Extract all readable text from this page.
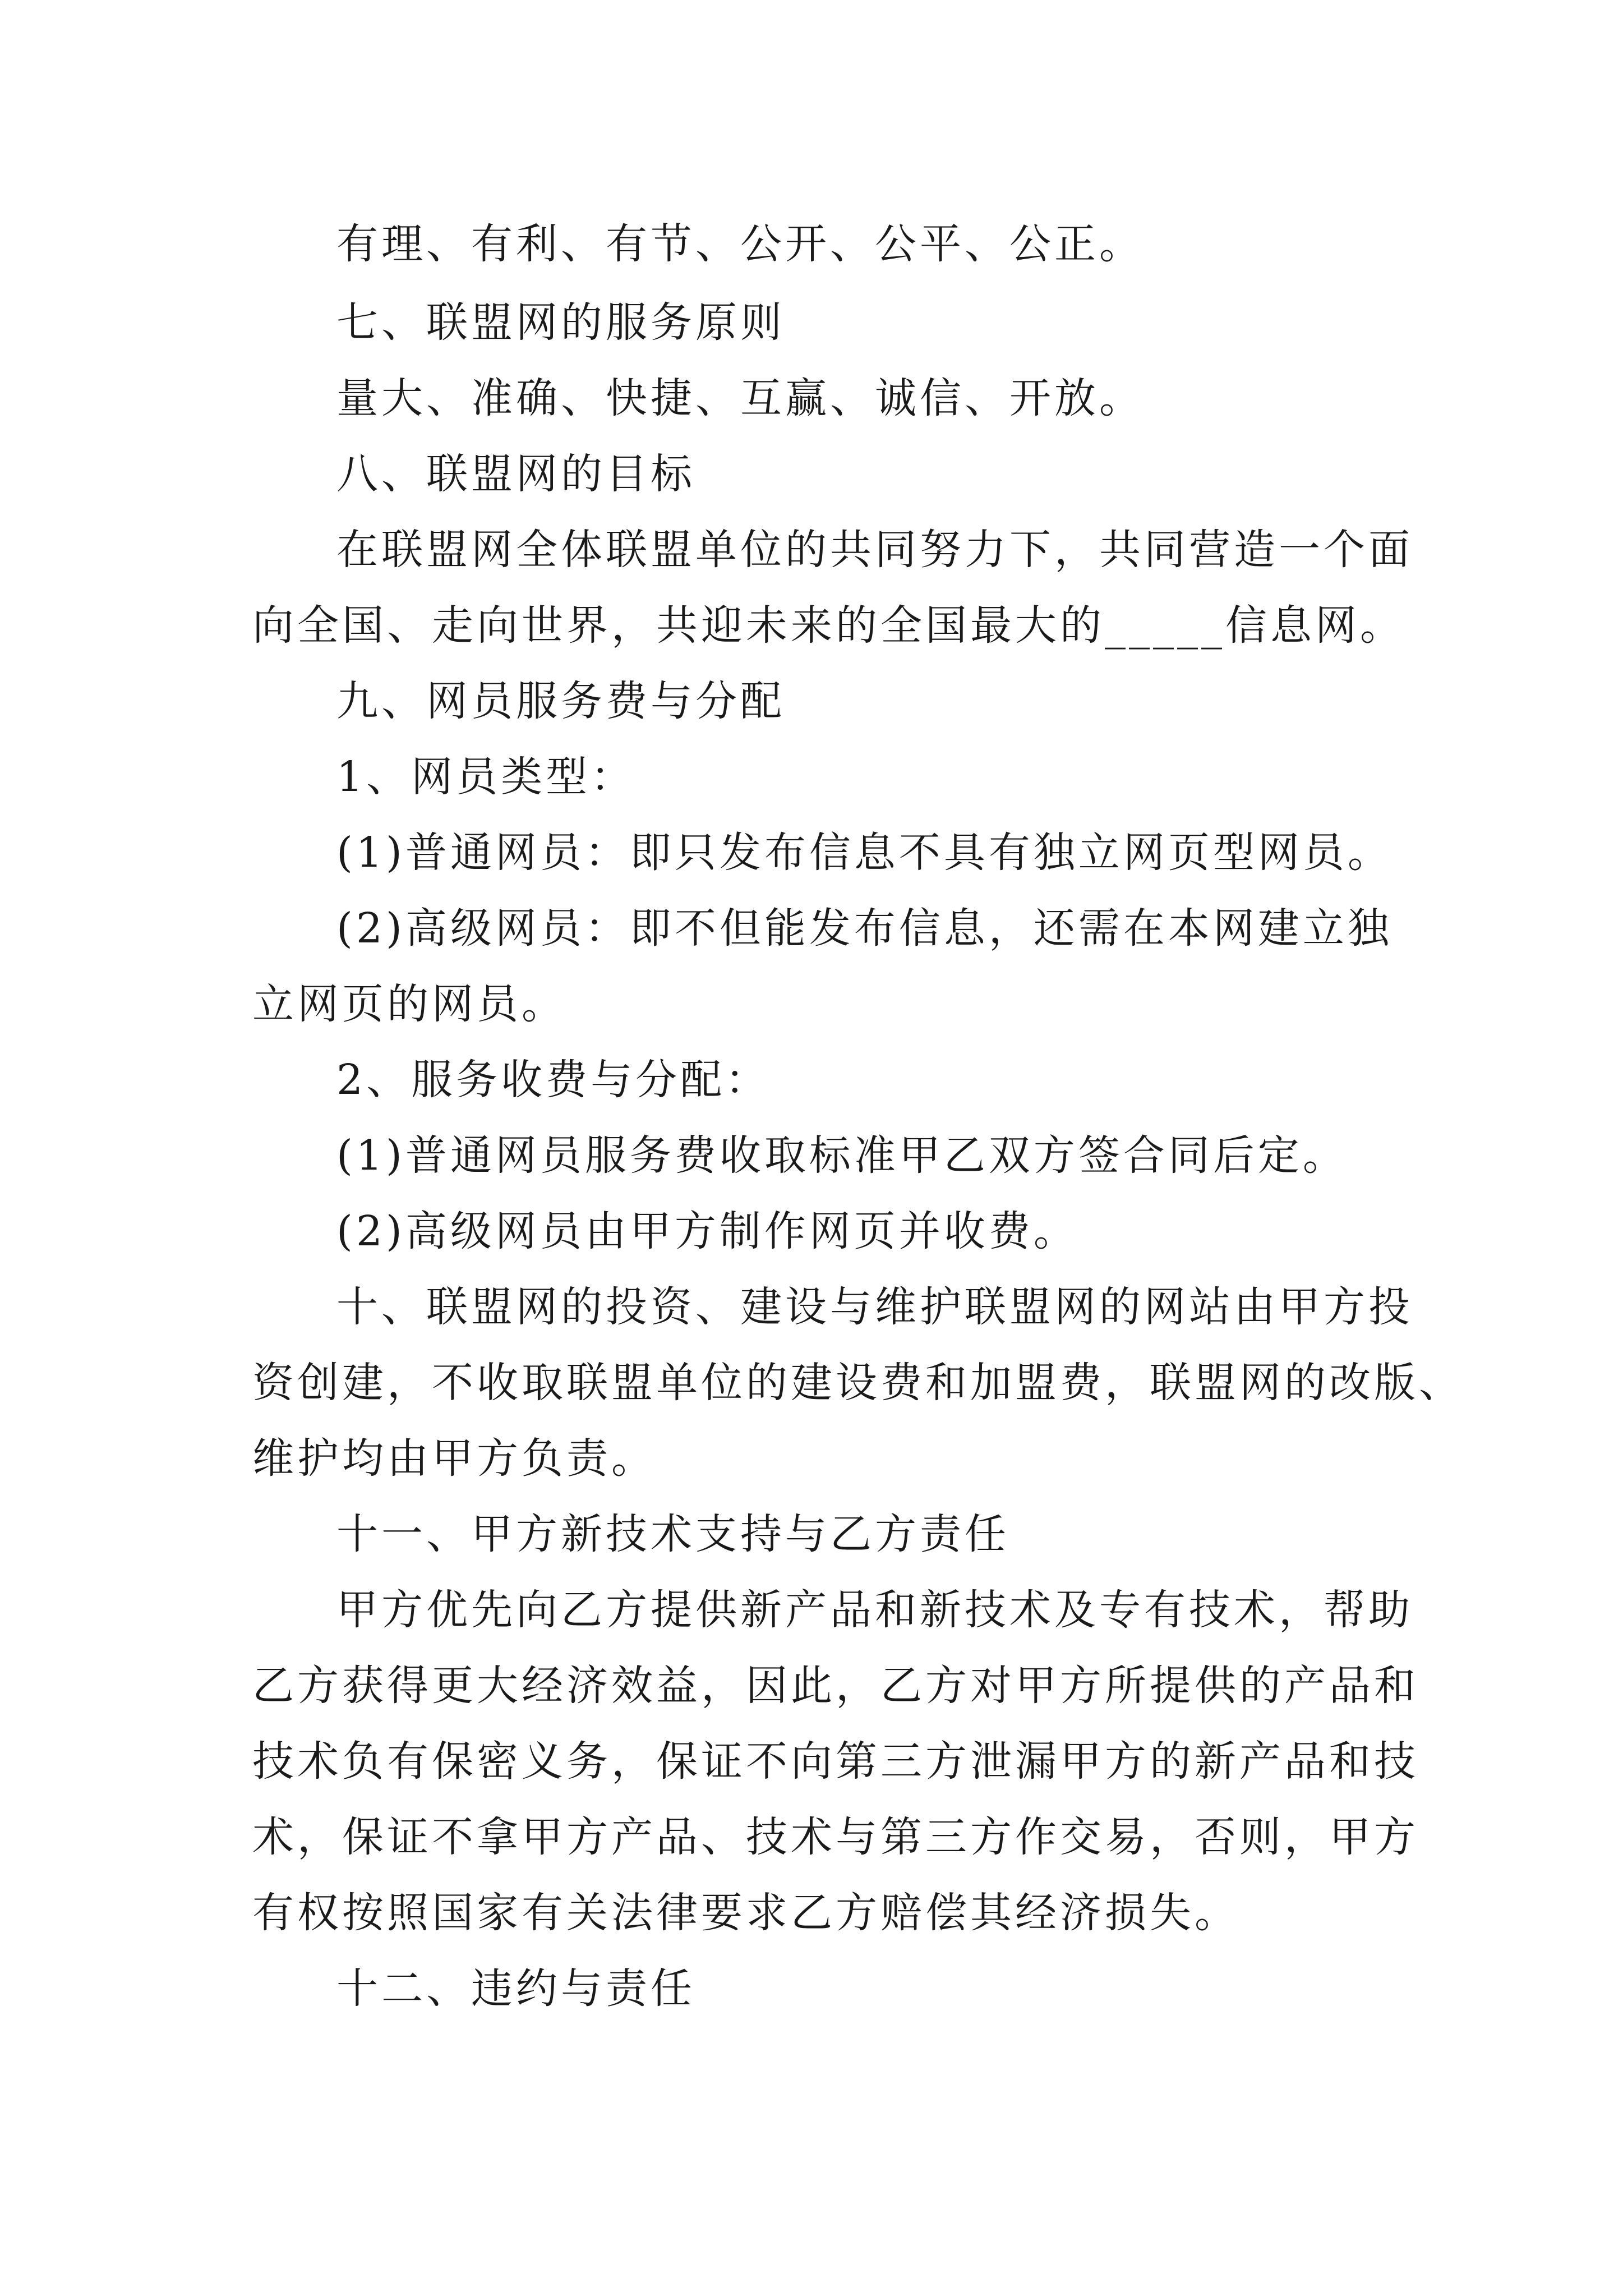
有理、有利、有节、公开、公平、公正。
七、联盟网的服务原则
量大、准确、快捷、互赢、诚信、开放。
八、联盟网的目标
在联盟网全体联盟单位的共同努力下，共同营造一个面
向全国、走向世界，共迎未来的全国最大的_____信息网。
九、网员服务费与分配
1、网员类型：
(1)普通网员：即只发布信息不具有独立网页型网员。
(2)高级网员：即不但能发布信息，还需在本网建立独
立网页的网员。
2、服务收费与分配：
(1)普通网员服务费收取标准甲乙双方签合同后定。
(2)高级网员由甲方制作网页并收费。
十、联盟网的投资、建设与维护联盟网的网站由甲方投
资创建，不收取联盟单位的建设费和加盟费，联盟网的改版、
维护均由甲方负责。
十一、甲方新技术支持与乙方责任
甲方优先向乙方提供新产品和新技术及专有技术，帮助
乙方获得更大经济效益，因此，乙方对甲方所提供的产品和
技术负有保密义务，保证不向第三方泄漏甲方的新产品和技
术，保证不拿甲方产品、技术与第三方作交易，否则，甲方
有权按照国家有关法律要求乙方赔偿其经济损失。
十二、违约与责任
